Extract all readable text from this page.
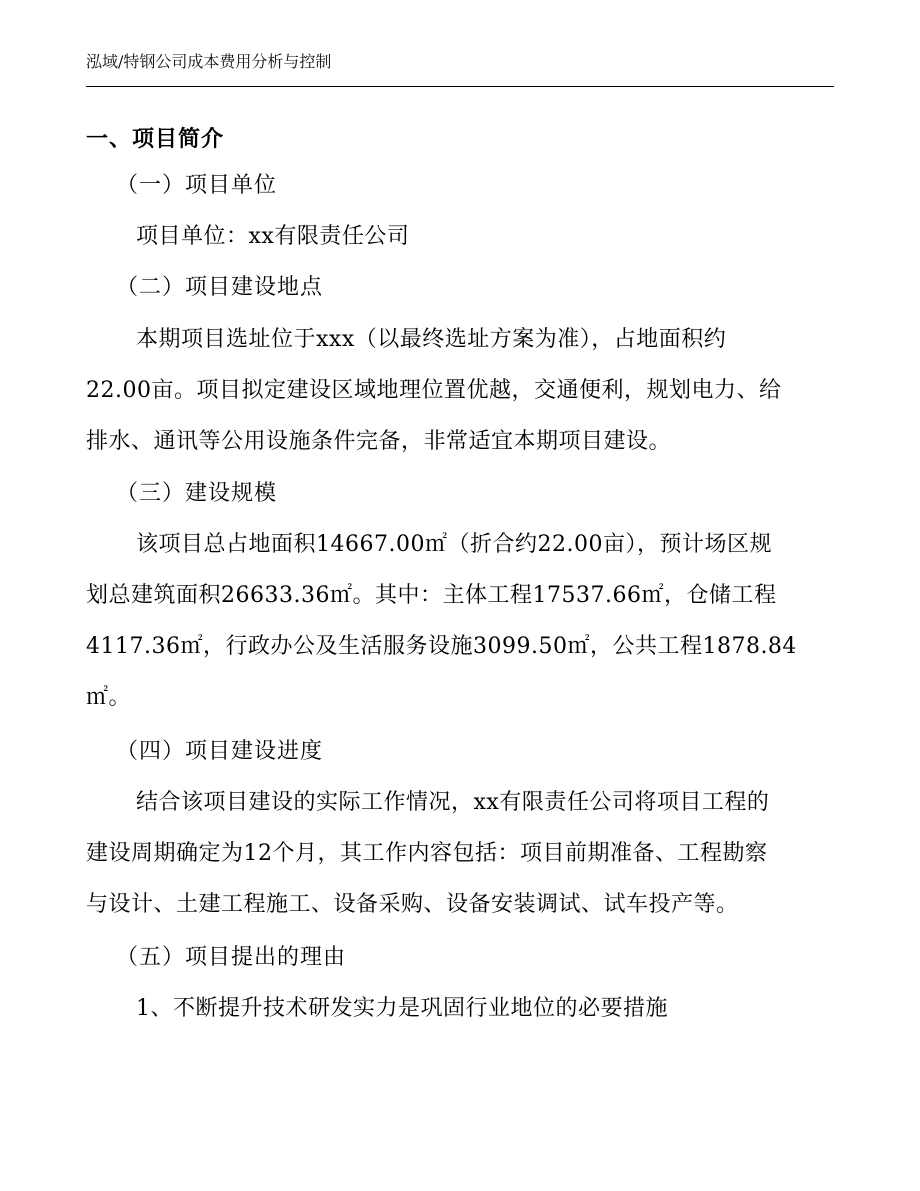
泓域/特钢公司成本费用分析与控制
一、项目简介
（一）项目单位
项目单位：xx有限责任公司
（二）项目建设地点
本期项目选址位于xxx（以最终选址方案为准），占地面积约
22.00亩。项目拟定建设区域地理位置优越，交通便利，规划电力、给
排水、通讯等公用设施条件完备，非常适宜本期项目建设。
（三）建设规模
该项目总占地面积14667.00㎡（折合约22.00亩），预计场区规
划总建筑面积26633.36㎡。其中：主体工程17537.66㎡，仓储工程
4117.36㎡，行政办公及生活服务设施3099.50㎡，公共工程1878.84
㎡。
（四）项目建设进度
结合该项目建设的实际工作情况，xx有限责任公司将项目工程的
建设周期确定为12个月，其工作内容包括：项目前期准备、工程勘察
与设计、土建工程施工、设备采购、设备安装调试、试车投产等。
（五）项目提出的理由
1、不断提升技术研发实力是巩固行业地位的必要措施
